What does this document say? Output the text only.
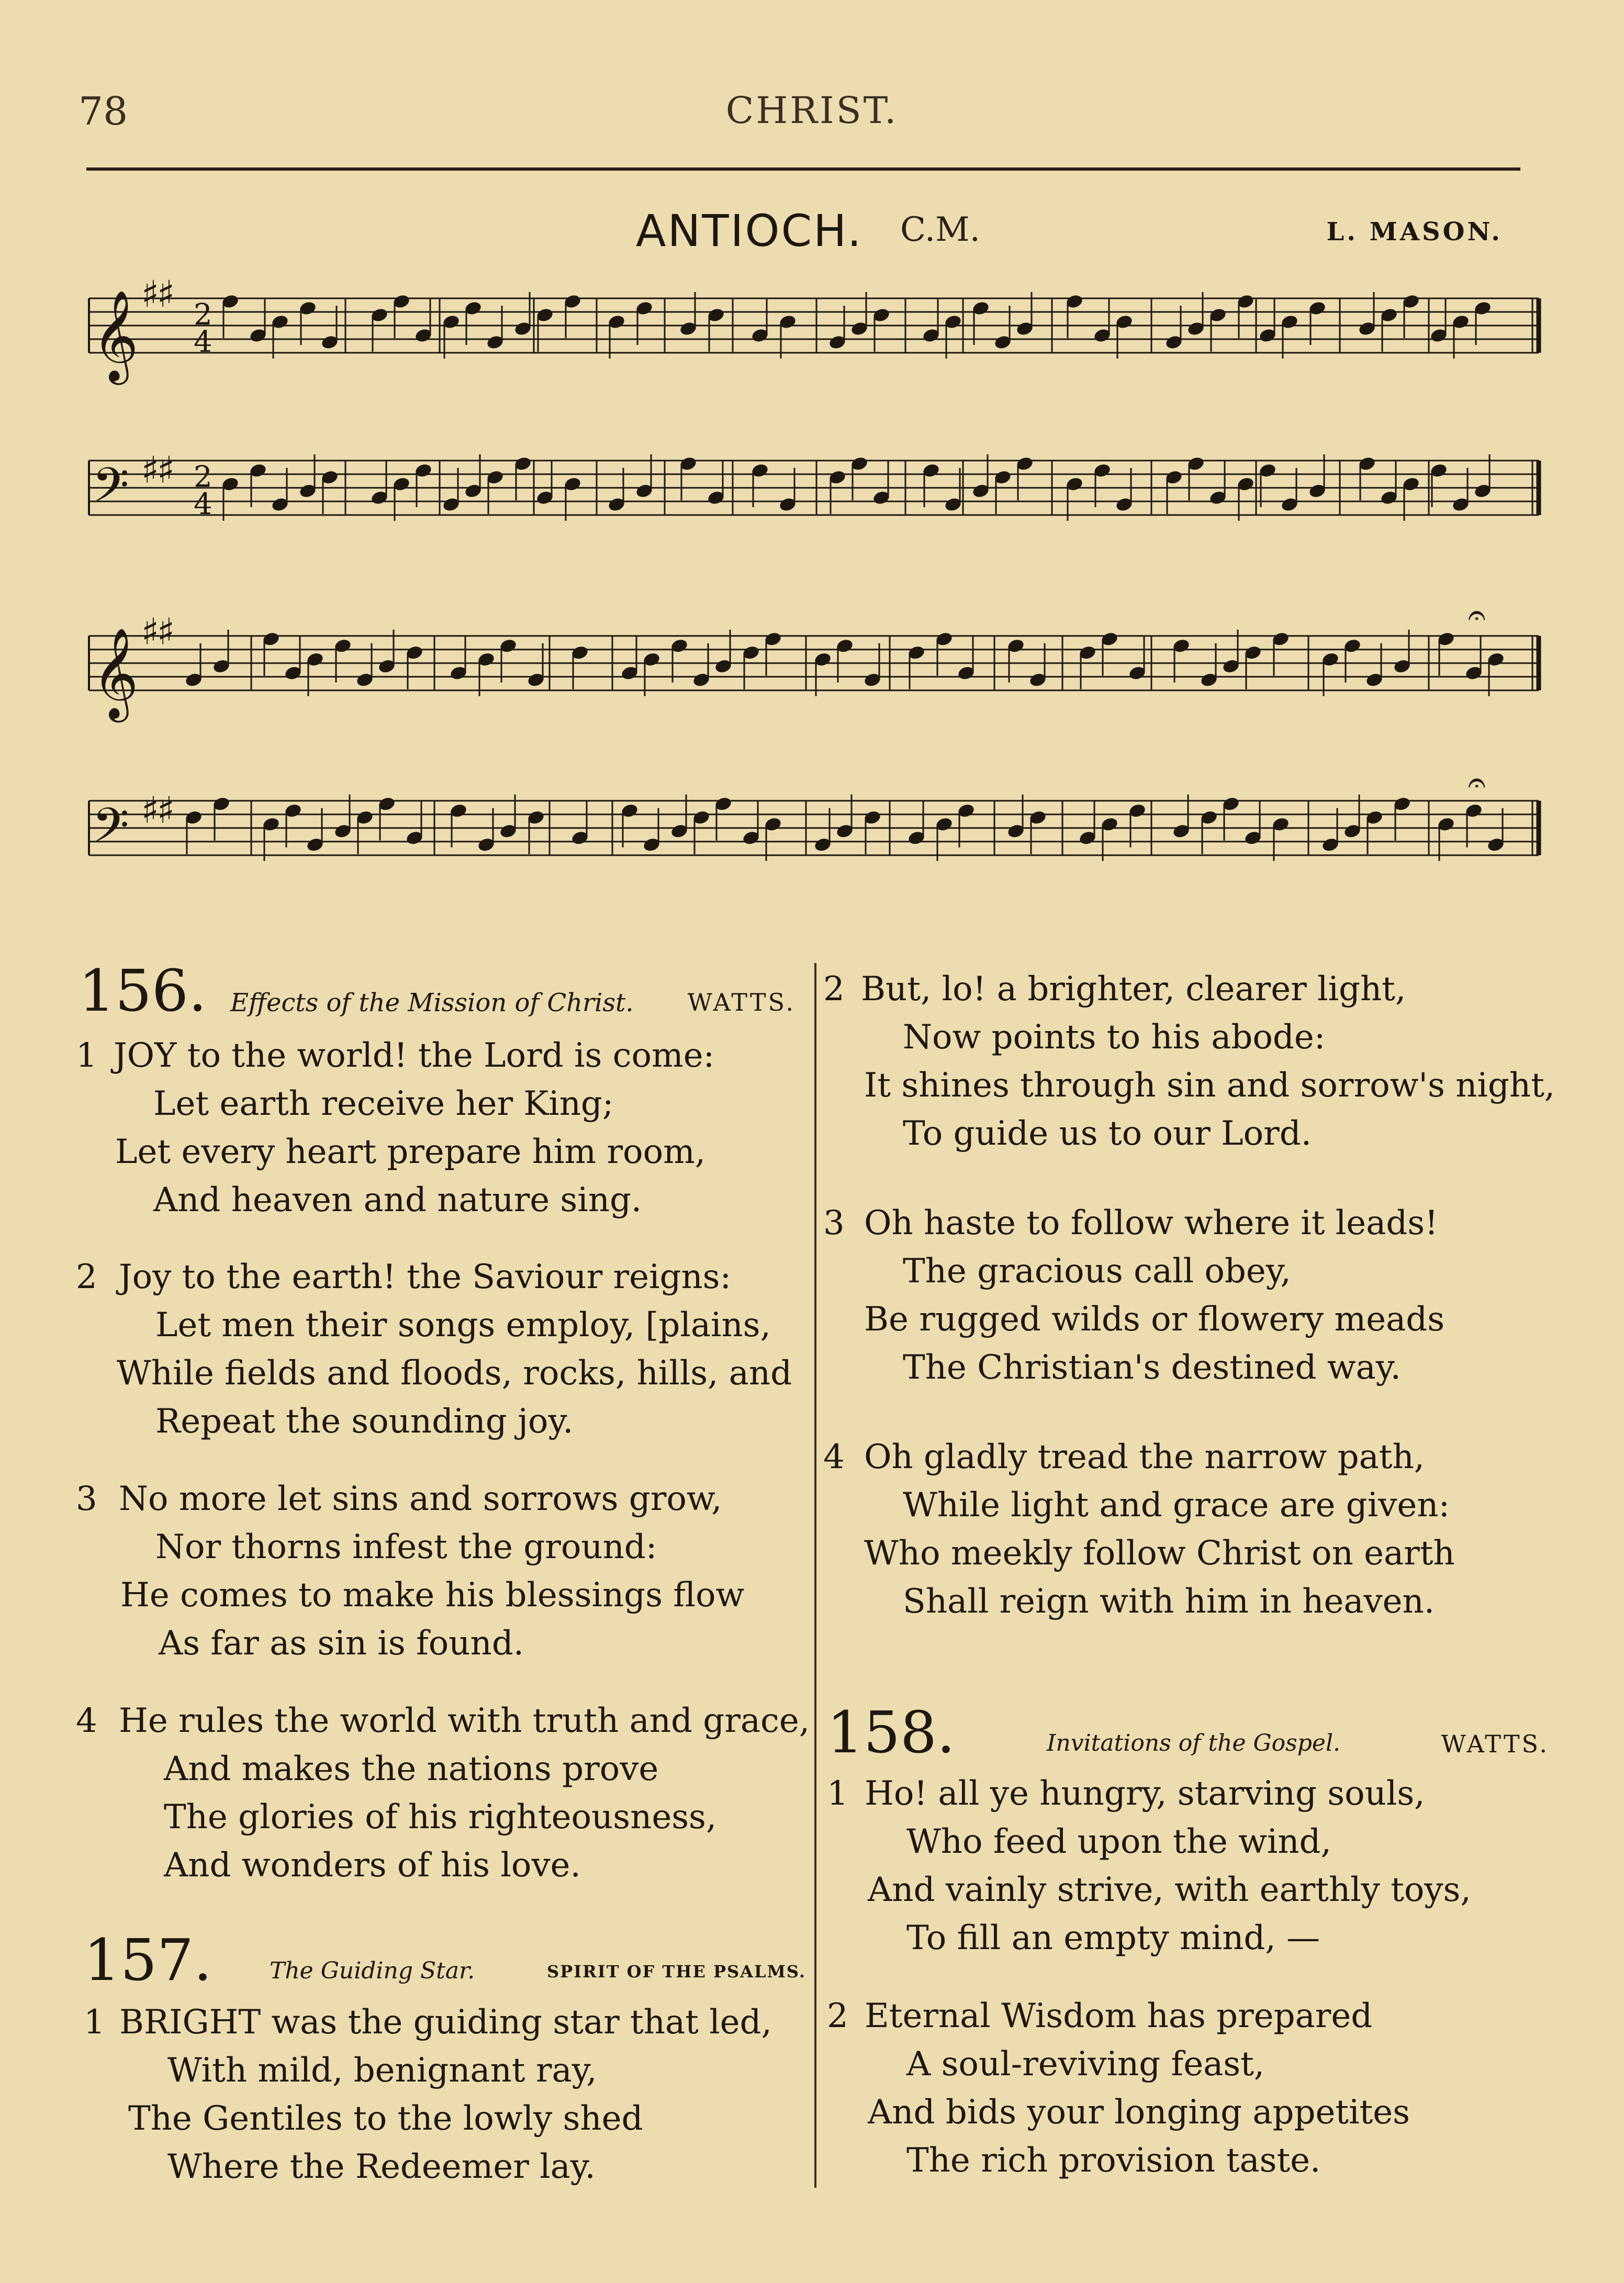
78	CHRIST.
ANTIOCH. C.M.	L. MASON.
𝄞 ♯
♯ 2
4
𝄢 ♯
♯ 2
4
𝄞 ♯
♯
𝄢 ♯
♯
𝄐
𝄐
156. Effects of the Mission of Christ. WATTS.
1 JOY to the world! the Lord is come:
Let earth receive her King;
Let every heart prepare him room,
And heaven and nature sing.
2 Joy to the earth! the Saviour reigns:
Let men their songs employ, [plains,
While fields and floods, rocks, hills, and
Repeat the sounding joy.
3 No more let sins and sorrows grow,
Nor thorns infest the ground:
He comes to make his blessings flow
As far as sin is found.
4 He rules the world with truth and grace,
And makes the nations prove
The glories of his righteousness,
And wonders of his love.
157.	The Guiding Star.	SPIRIT OF THE PSALMS.
1 BRIGHT was the guiding star that led,
With mild, benignant ray,
The Gentiles to the lowly shed
Where the Redeemer lay.
2 But, lo! a brighter, clearer light,
Now points to his abode:
It shines through sin and sorrow's night,
To guide us to our Lord.
3 Oh haste to follow where it leads!
The gracious call obey,
Be rugged wilds or flowery meads
The Christian's destined way.
4 Oh gladly tread the narrow path,
While light and grace are given:
Who meekly follow Christ on earth
Shall reign with him in heaven.
158.	Invitations of the Gospel.	WATTS.
1 Ho! all ye hungry, starving souls,
Who feed upon the wind,
And vainly strive, with earthly toys,
To fill an empty mind, —
2 Eternal Wisdom has prepared
A soul-reviving feast,
And bids your longing appetites
The rich provision taste.
